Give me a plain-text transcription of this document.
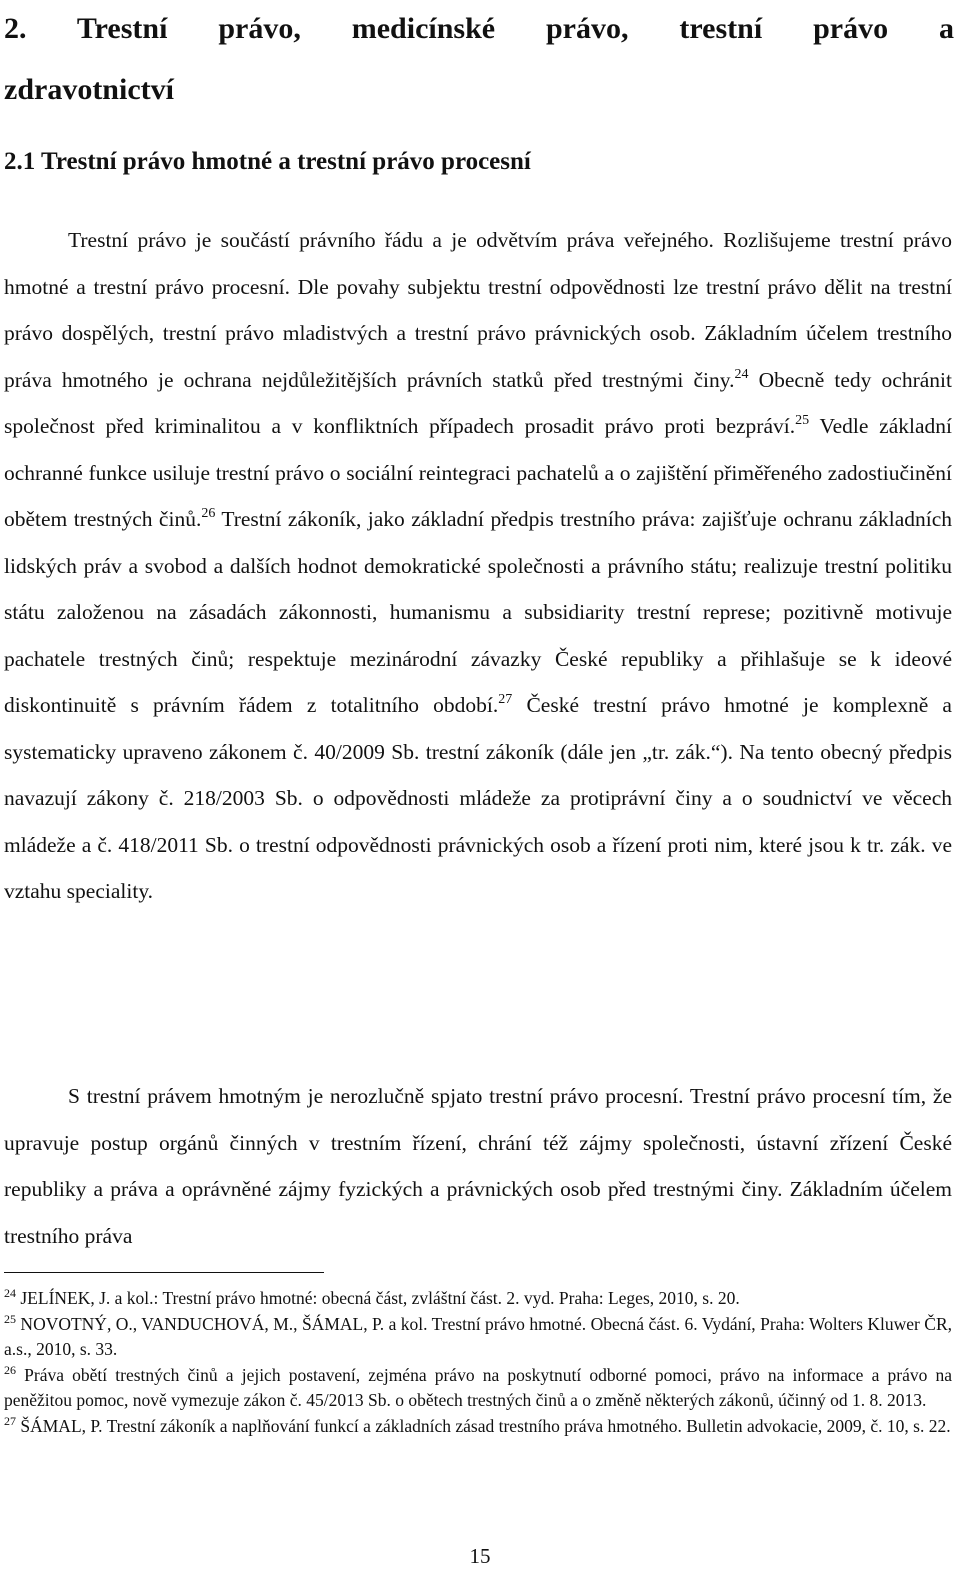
2. Trestní právo, medicínské právo, trestní právo a zdravotnictví
2.1 Trestní právo hmotné a trestní právo procesní

Trestní právo je součástí právního řádu a je odvětvím práva veřejného. Rozlišujeme trestní právo hmotné a trestní právo procesní. Dle povahy subjektu trestní odpovědnosti lze trestní právo dělit na trestní právo dospělých, trestní právo mladistvých a trestní právo právnických osob. Základním účelem trestního práva hmotného je ochrana nejdůležitějších právních statků před trestnými činy.$^{24}$ Obecně tedy ochránit společnost před kriminalitou a v konfliktních případech prosadit právo proti bezpráví.$^{25}$ Vedle základní ochranné funkce usiluje trestní právo o sociální reintegraci pachatelů a o zajištění přiměřeného zadostiučinění obětem trestných činů.$^{26}$ Trestní zákoník, jako základní předpis trestního práva: zajišťuje ochranu základních lidských práv a svobod a dalších hodnot demokratické společnosti a právního státu; realizuje trestní politiku státu založenou na zásadách zákonnosti, humanismu a subsidiarity trestní represe; pozitivně motivuje pachatele trestných činů; respektuje mezinárodní závazky České republiky a přihlašuje se k ideové diskontinuitě s právním řádem z totalitního období.$^{27}$ České trestní právo hmotné je komplexně a systematicky upraveno zákonem č. 40/2009 Sb. trestní zákoník (dále jen „tr. zák.“). Na tento obecný předpis navazují zákony č. 218/2003 Sb. o odpovědnosti mládeže za protiprávní činy a o soudnictví ve věcech mládeže a č. 418/2011 Sb. o trestní odpovědnosti právnických osob a řízení proti nim, které jsou k tr. zák. ve vztahu speciality.

S trestní právem hmotným je nerozlučně spjato trestní právo procesní. Trestní právo procesní tím, že upravuje postup orgánů činných v trestním řízení, chrání též zájmy společnosti, ústavní zřízení České republiky a práva a oprávněné zájmy fyzických a právnických osob před trestnými činy. Základním účelem trestního práva

$^{24}$ JELÍNEK, J. a kol.: Trestní právo hmotné: obecná část, zvláštní část. 2. vyd. Praha: Leges, 2010, s. 20.

$^{25}$ NOVOTNÝ, O., VANDUCHOVÁ, M., ŠÁMAL, P. a kol. Trestní právo hmotné. Obecná část. 6. Vydání, Praha: Wolters Kluwer ČR, a.s., 2010, s. 33.

$^{26}$ Práva obětí trestných činů a jejich postavení, zejména právo na poskytnutí odborné pomoci, právo na informace a právo na peněžitou pomoc, nově vymezuje zákon č. 45/2013 Sb. o obětech trestných činů a o změně některých zákonů, účinný od 1. 8. 2013.

$^{27}$ ŠÁMAL, P. Trestní zákoník a naplňování funkcí a základních zásad trestního práva hmotného. Bulletin advokacie, 2009, č. 10, s. 22.

15
